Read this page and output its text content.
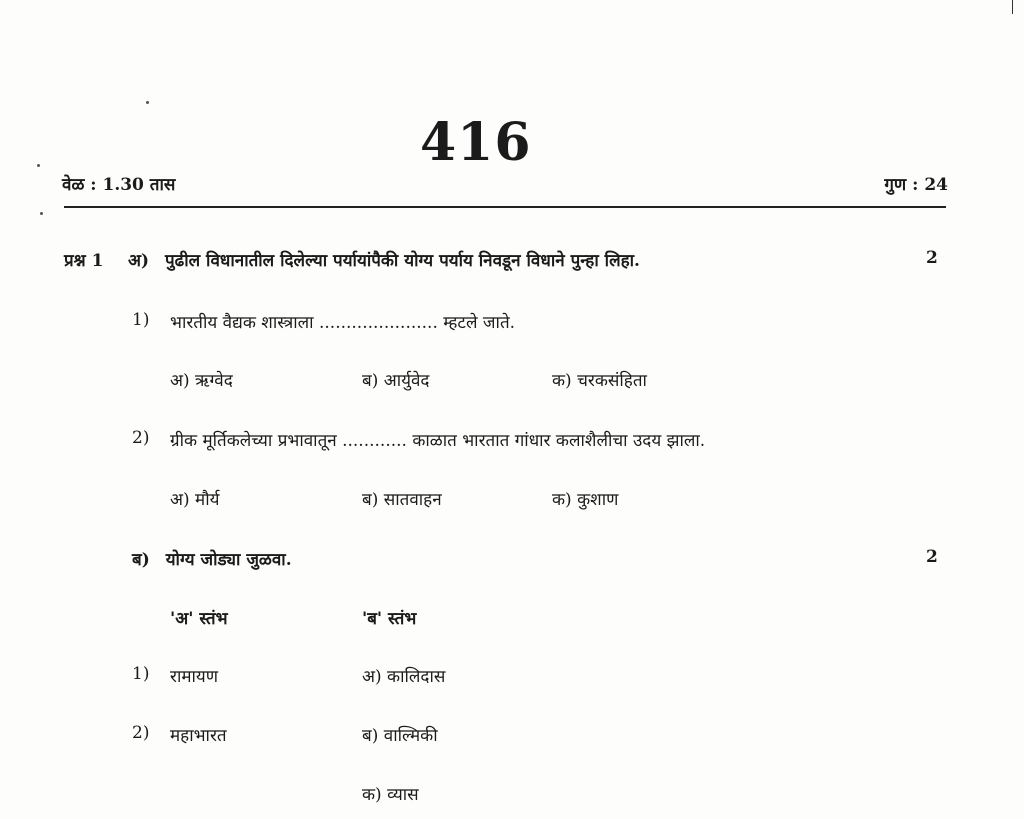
416
वेळ : 1.30 तास	गुण : 24
प्रश्न 1 अ) पुढील विधानातील दिलेल्या पर्यायांपैकी योग्य पर्याय निवडून विधाने पुन्हा लिहा.	2
1) भारतीय वैद्यक शास्त्राला ...................... म्हटले जाते.
अ) ऋग्वेद	ब) आर्युवेद	क) चरकसंहिता
2) ग्रीक मूर्तिकलेच्या प्रभावातून ............ काळात भारतात गांधार कलाशैलीचा उदय झाला.
अ) मौर्य	ब) सातवाहन	क) कुशाण
ब) योग्य जोड्या जुळवा.	2
'अ' स्तंभ	'ब' स्तंभ
1) रामायण	अ) कालिदास
2) महाभारत	ब) वाल्मिकी
क) व्यास
